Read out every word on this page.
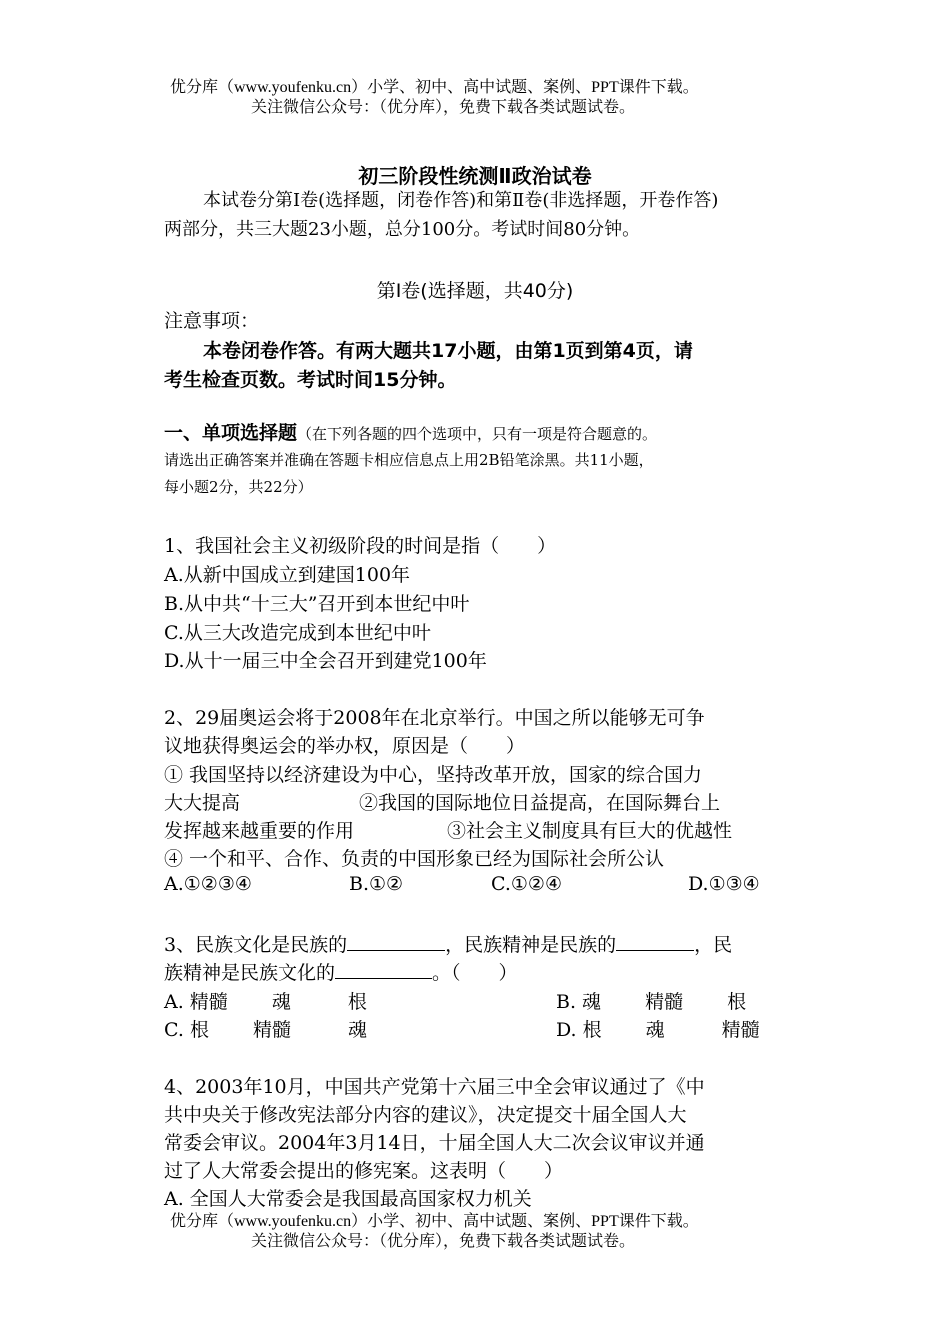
优分库（www.youfenku.cn）小学、初中、高中试题、案例、PPT课件下载。
关注微信公众号：（优分库），免费下载各类试题试卷。
初三阶段性统测Ⅱ政治试卷
本试卷分第Ⅰ卷(选择题，闭卷作答)和第Ⅱ卷(非选择题，开卷作答)
两部分，共三大题23小题，总分100分。考试时间80分钟。
第Ⅰ卷(选择题，共40分)
注意事项：
本卷闭卷作答。有两大题共17小题，由第1页到第4页，请
考生检查页数。考试时间15分钟。
一、单项选择题（在下列各题的四个选项中，只有一项是符合题意的。
请选出正确答案并准确在答题卡相应信息点上用2B铅笔涂黑。共11小题，
每小题2分，共22分）
1、我国社会主义初级阶段的时间是指（　　）
A.从新中国成立到建国100年
B.从中共“十三大”召开到本世纪中叶
C.从三大改造完成到本世纪中叶
D.从十一届三中全会召开到建党100年
2、29届奥运会将于2008年在北京举行。中国之所以能够无可争
议地获得奥运会的举办权，原因是（　　）
① 我国坚持以经济建设为中心，坚持改革开放，国家的综合国力
大大提高	②我国的国际地位日益提高，在国际舞台上
发挥越来越重要的作用	③社会主义制度具有巨大的优越性
④ 一个和平、合作、负责的中国形象已经为国际社会所公认
A.①②③④	B.①②	C.①②④	D.①③④
3、民族文化是民族的	，民族精神是民族的	，民
族精神是民族文化的	。（　　）
A. 精髓　　 魂　　　根	B. 魂　　 精髓　　 根
C. 根　　 精髓　　　魂	D. 根　　 魂　　　精髓
4、2003年10月，中国共产党第十六届三中全会审议通过了《中
共中央关于修改宪法部分内容的建议》，决定提交十届全国人大
常委会审议。2004年3月14日，十届全国人大二次会议审议并通
过了人大常委会提出的修宪案。这表明（　　）
A. 全国人大常委会是我国最高国家权力机关
优分库（www.youfenku.cn）小学、初中、高中试题、案例、PPT课件下载。
关注微信公众号：（优分库），免费下载各类试题试卷。
